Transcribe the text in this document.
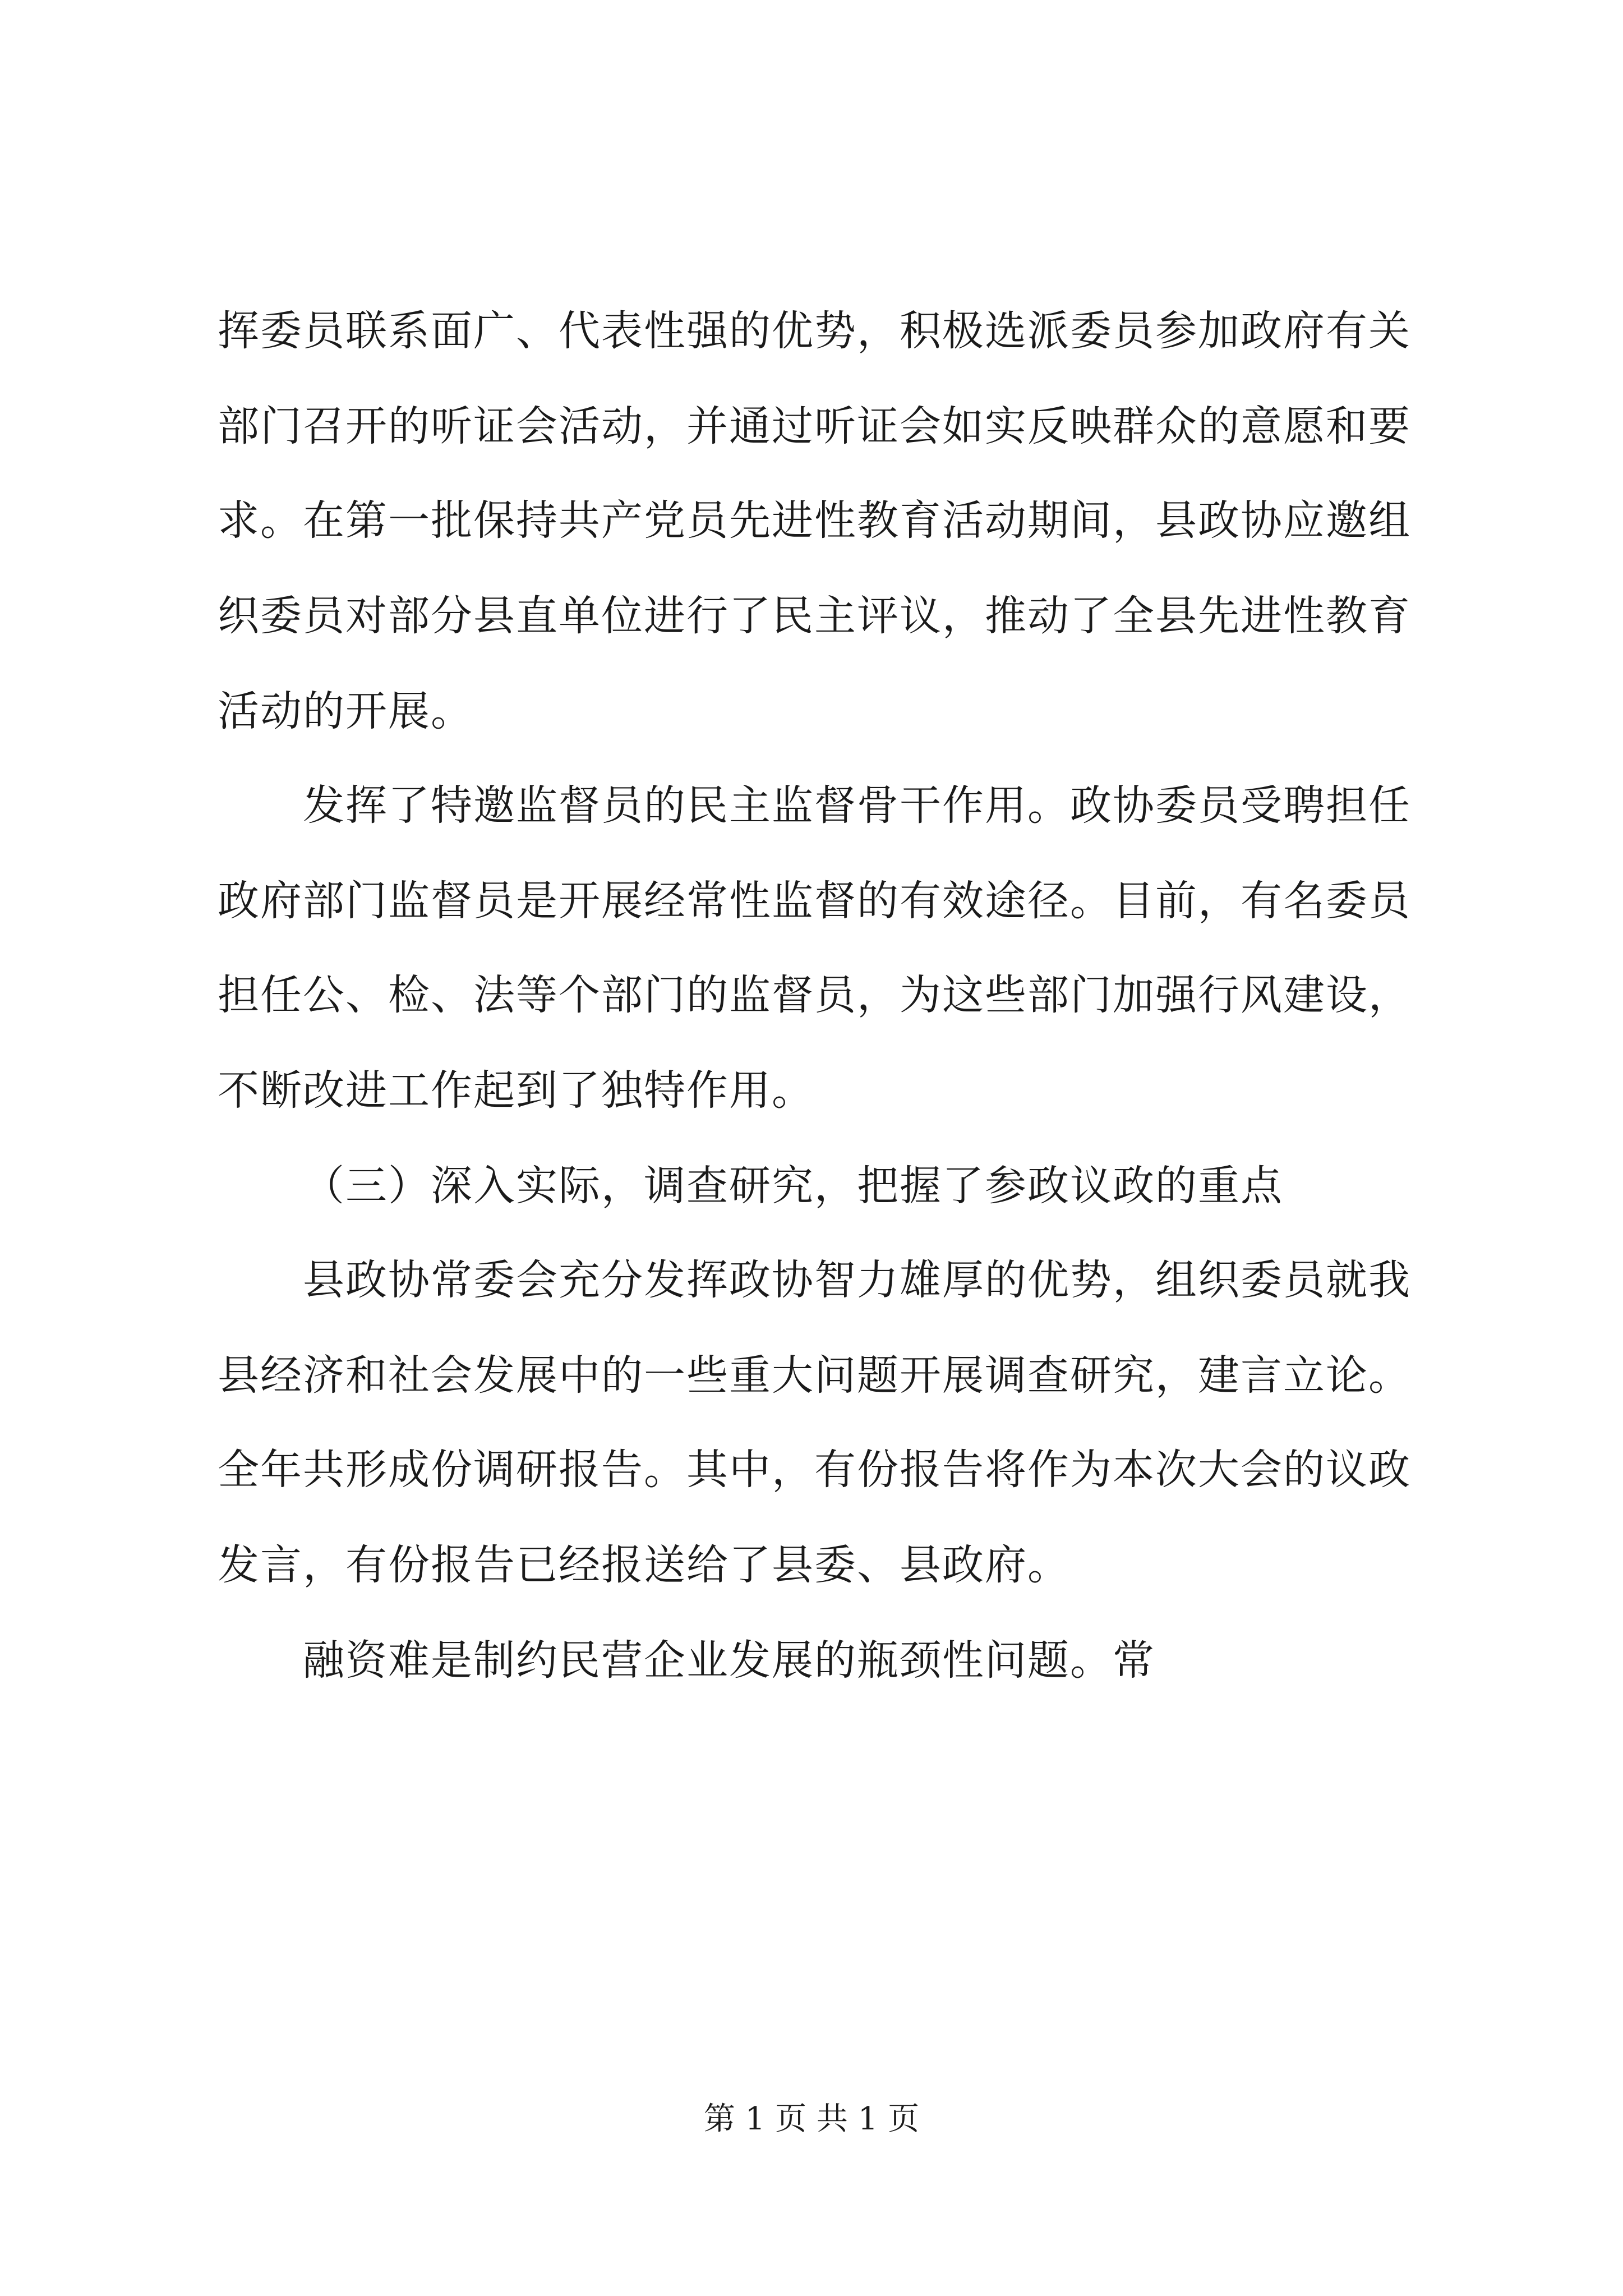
挥委员联系面广、代表性强的优势，积极选派委员参加政府有关
部门召开的听证会活动，并通过听证会如实反映群众的意愿和要
求。在第一批保持共产党员先进性教育活动期间，县政协应邀组
织委员对部分县直单位进行了民主评议，推动了全县先进性教育
活动的开展。
发挥了特邀监督员的民主监督骨干作用。政协委员受聘担任
政府部门监督员是开展经常性监督的有效途径。目前，有名委员
担任公、检、法等个部门的监督员，为这些部门加强行风建设，
不断改进工作起到了独特作用。
（三）深入实际，调查研究，把握了参政议政的重点
县政协常委会充分发挥政协智力雄厚的优势，组织委员就我
县经济和社会发展中的一些重大问题开展调查研究，建言立论。
全年共形成份调研报告。其中，有份报告将作为本次大会的议政
发言，有份报告已经报送给了县委、县政府。
融资难是制约民营企业发展的瓶颈性问题。常
第 1 页 共 1 页
